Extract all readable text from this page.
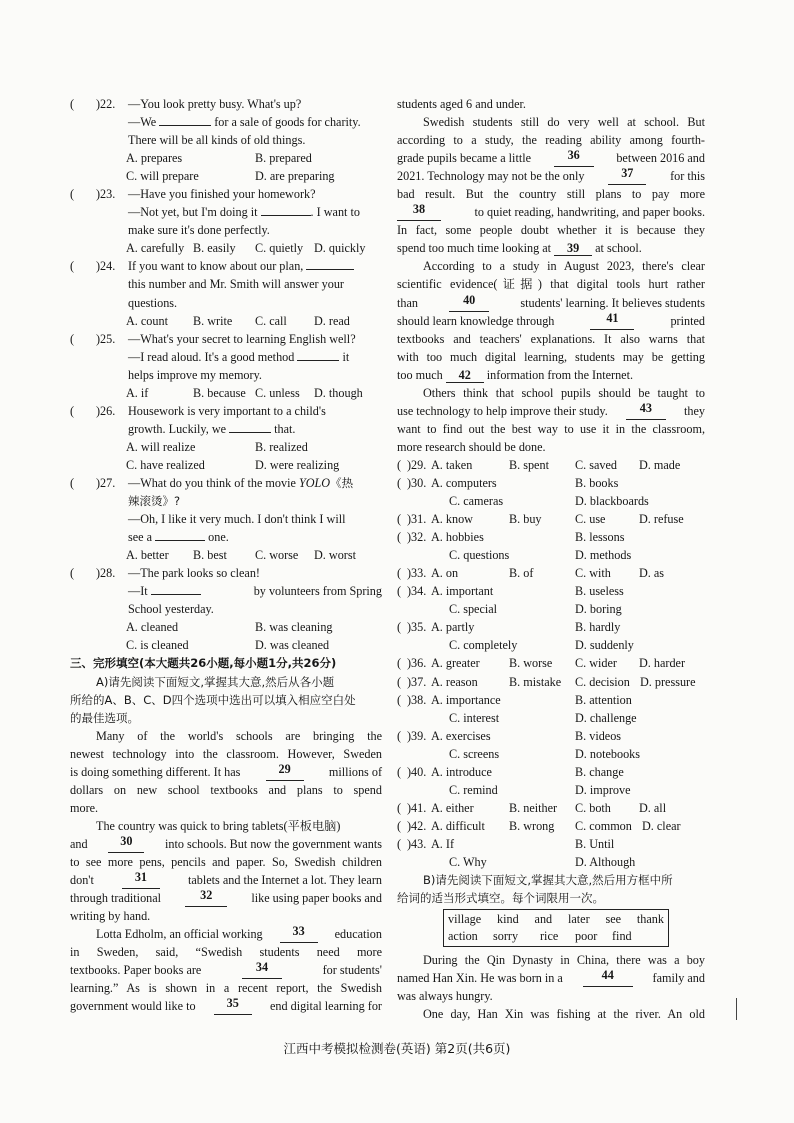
( )22. —You look pretty busy. What's up?
—We	for a sale of goods for charity.
There will be all kinds of old things.
A. prepares	B. prepared
C. will prepare	D. are preparing
( )23. —Have you finished your homework?
—Not yet, but I'm doing it	. I want to
make sure it's done perfectly.
A. carefully B. easily C. quietly D. quickly
( )24. If you want to know about our plan,
this number and Mr. Smith will answer your
questions.
A. count B. write C. call D. read
( )25. —What's your secret to learning English well?
—I read aloud. It's a good method	it
helps improve my memory.
A. if	B. because C. unless D. though
( )26. Housework is very important to a child's
growth. Luckily, we	that.
A. will realize	B. realized
C. have realized	D. were realizing
( )27. —What do you think of the movie YOLO《热
辣滚烫》?
—Oh, I like it very much. I don't think I will
see a	one.
A. better B. best C. worse D. worst
( )28. —The park looks so clean!
—It	by volunteers from Spring
School yesterday.
A. cleaned	B. was cleaning
C. is cleaned	D. was cleaned
三、完形填空(本大题共26小题,每小题1分,共26分)
A)请先阅读下面短文,掌握其大意,然后从各小题
所给的A、B、C、D四个选项中选出可以填入相应空白处
的最佳选项。
Many of the world's schools are bringing the
newest technology into the classroom. However, Sweden
is doing something different. It has	29	millions of
dollars on new school textbooks and plans to spend
more.
The country was quick to bring tablets(平板电脑)
and	30	into schools. But now the government wants
to see more pens, pencils and paper. So, Swedish children
don't	31	tablets and the Internet a lot. They learn
through traditional	32	like using paper books and
writing by hand.
Lotta Edholm, an official working	33	education
in Sweden, said, “Swedish students need more
textbooks. Paper books are	34	for students'
learning.” As is shown in a recent report, the Swedish
government would like to	35	end digital learning for
students aged 6 and under.
Swedish students still do very well at school. But
according to a study, the reading ability among fourth-
grade pupils became a little	36	between 2016 and
2021. Technology may not be the only	37	for this
bad result. But the country still plans to pay more
38	to quiet reading, handwriting, and paper books.
In fact, some people doubt whether it is because they
spend too much time looking at 39 at school.
According to a study in August 2023, there's clear
scientific evidence(证据) that digital tools hurt rather
than	40	students' learning. It believes students
should learn knowledge through	41	printed
textbooks and teachers' explanations. It also warns that
with too much digital learning, students may be getting
too much 42 information from the Internet.
Others think that school pupils should be taught to
use technology to help improve their study.	43	they
want to find out the best way to use it in the classroom,
more research should be done.
( )29. A. taken	B. spent C. saved D. made
( )30. A. computers	B. books
C. cameras	D. blackboards
( )31. A. know	B. buy	C. use	D. refuse
( )32. A. hobbies	B. lessons
C. questions	D. methods
( )33. A. on	B. of	C. with D. as
( )34. A. important	B. useless
C. special	D. boring
( )35. A. partly	B. hardly
C. completely	D. suddenly
( )36. A. greater B. worse C. wider D. harder
( )37. A. reason	B. mistake C. decision D. pressure
( )38. A. importance	B. attention
C. interest	D. challenge
( )39. A. exercises	B. videos
C. screens	D. notebooks
( )40. A. introduce	B. change
C. remind	D. improve
( )41. A. either	B. neither C. both D. all
( )42. A. difficult B. wrong C. common D. clear
( )43. A. If	B. Until
C. Why	D. Although
B)请先阅读下面短文,掌握其大意,然后用方框中所
给词的适当形式填空。每个词限用一次。
village kind and later see thank
action	sorry	rice	poor	find
During the Qin Dynasty in China, there was a boy
named Han Xin. He was born in a	44	family and
was always hungry.
One day, Han Xin was fishing at the river. An old
江西中考模拟检测卷(英语) 第2页(共6页)
